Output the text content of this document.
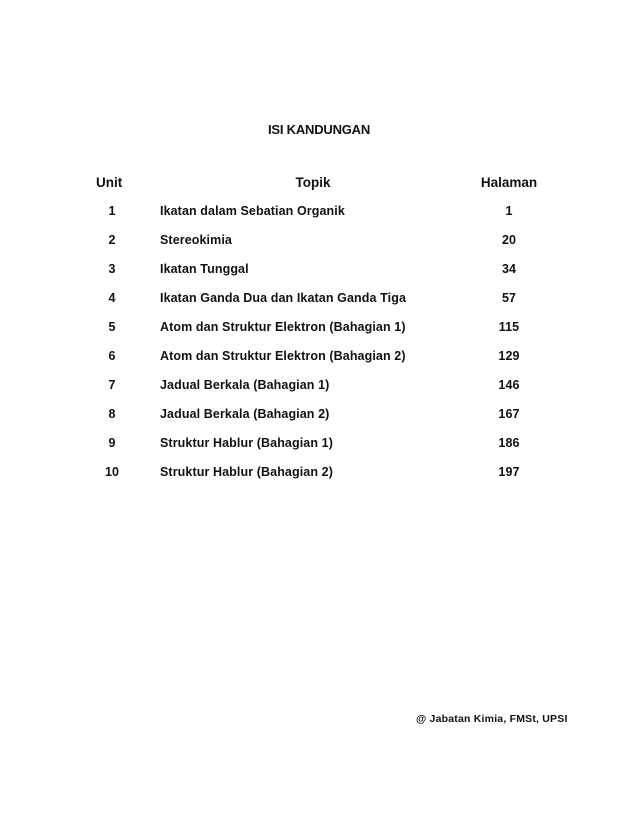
ISI KANDUNGAN
Unit	Topik	Halaman
1	Ikatan dalam Sebatian Organik	1
2	Stereokimia	20
3	Ikatan Tunggal	34
4	Ikatan Ganda Dua dan Ikatan Ganda Tiga	57
5	Atom dan Struktur Elektron (Bahagian 1)	115
6	Atom dan Struktur Elektron (Bahagian 2)	129
7	Jadual Berkala (Bahagian 1)	146
8	Jadual Berkala (Bahagian 2)	167
9	Struktur Hablur (Bahagian 1)	186
10	Struktur Hablur (Bahagian 2)	197
@ Jabatan Kimia, FMSt, UPSI
